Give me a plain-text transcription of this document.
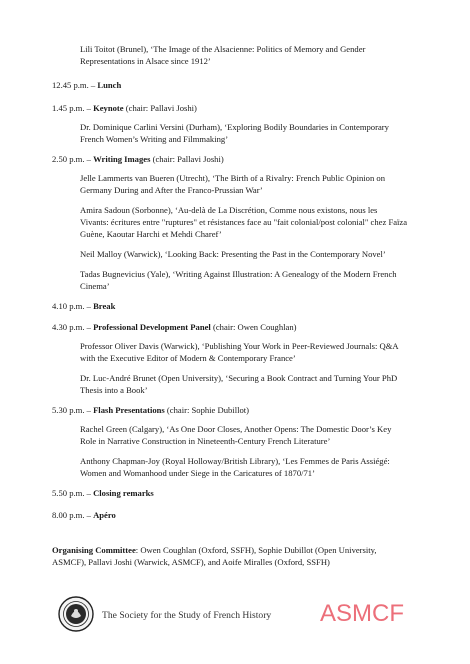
Lili Toitot (Brunel), ‘The Image of the Alsacienne: Politics of Memory and Gender
Representations in Alsace since 1912’
12.45 p.m. – Lunch
1.45 p.m. – Keynote (chair: Pallavi Joshi)
Dr. Dominique Carlini Versini (Durham), ‘Exploring Bodily Boundaries in Contemporary
French Women’s Writing and Filmmaking’
2.50 p.m. – Writing Images (chair: Pallavi Joshi)
Jelle Lammerts van Bueren (Utrecht), ‘The Birth of a Rivalry: French Public Opinion on
Germany During and After the Franco-Prussian War’
Amira Sadoun (Sorbonne), ‘Au-delà de La Discrétion, Comme nous existons, nous les
Vivants: écritures entre "ruptures" et résistances face au "fait colonial/post colonial" chez Faïza
Guène, Kaoutar Harchi et Mehdi Charef’
Neil Malloy (Warwick), ‘Looking Back: Presenting the Past in the Contemporary Novel’
Tadas Bugnevicius (Yale), ‘Writing Against Illustration: A Genealogy of the Modern French
Cinema’
4.10 p.m. – Break
4.30 p.m. – Professional Development Panel (chair: Owen Coughlan)
Professor Oliver Davis (Warwick), ‘Publishing Your Work in Peer-Reviewed Journals: Q&A
with the Executive Editor of Modern & Contemporary France’
Dr. Luc-André Brunet (Open University), ‘Securing a Book Contract and Turning Your PhD
Thesis into a Book’
5.30 p.m. – Flash Presentations (chair: Sophie Dubillot)
Rachel Green (Calgary), ‘As One Door Closes, Another Opens: The Domestic Door’s Key
Role in Narrative Construction in Nineteenth-Century French Literature’
Anthony Chapman-Joy (Royal Holloway/British Library), ‘Les Femmes de Paris Assiégé:
Women and Womanhood under Siege in the Caricatures of 1870/71’
5.50 p.m. – Closing remarks
8.00 p.m. – Apéro
Organising Committee: Owen Coughlan (Oxford, SSFH), Sophie Dubillot (Open University,
ASMCF), Pallavi Joshi (Warwick, ASMCF), and Aoife Miralles (Oxford, SSFH)
The Society for the Study of French History ASMCF
